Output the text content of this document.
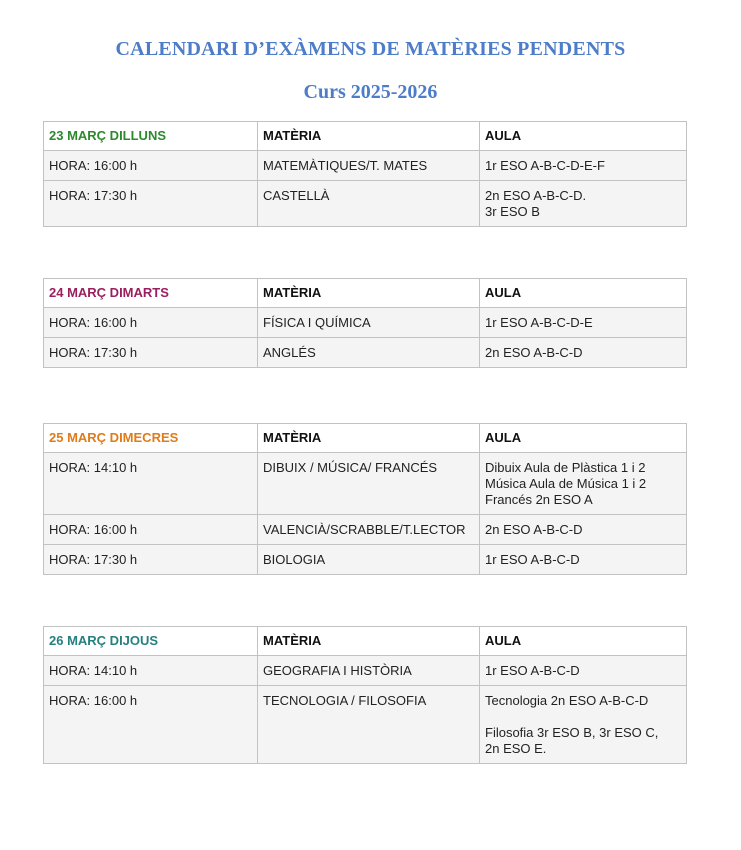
CALENDARI D’EXÀMENS DE MATÈRIES PENDENTS
Curs 2025-2026
23 MARÇ DILLUNS	MATÈRIA	AULA
HORA: 16:00 h	MATEMÀTIQUES/T. MATES	1r ESO A-B-C-D-E-F

HORA: 17:30 h	CASTELLÀ	2n ESO A-B-C-D.
3r ESO B
24 MARÇ DIMARTS	MATÈRIA	AULA
HORA: 16:00 h	FÍSICA I QUÍMICA	1r ESO A-B-C-D-E

HORA: 17:30 h	ANGLÉS	2n ESO A-B-C-D
25 MARÇ DIMECRES	MATÈRIA	AULA
HORA: 14:10 h	DIBUIX / MÚSICA/ FRANCÉS	Dibuix Aula de Plàstica 1 i 2
Música Aula de Música 1 i 2
Francés 2n ESO A

HORA: 16:00 h	VALENCIÀ/SCRABBLE/T.LECTOR	2n ESO A-B-C-D

HORA: 17:30 h	BIOLOGIA	1r ESO A-B-C-D
26 MARÇ DIJOUS	MATÈRIA	AULA
HORA: 14:10 h	GEOGRAFIA I HISTÒRIA	1r ESO A-B-C-D

HORA: 16:00 h	TECNOLOGIA / FILOSOFIA	Tecnologia 2n ESO A-B-C-D
Filosofia 3r ESO B, 3r ESO C,
2n ESO E.
